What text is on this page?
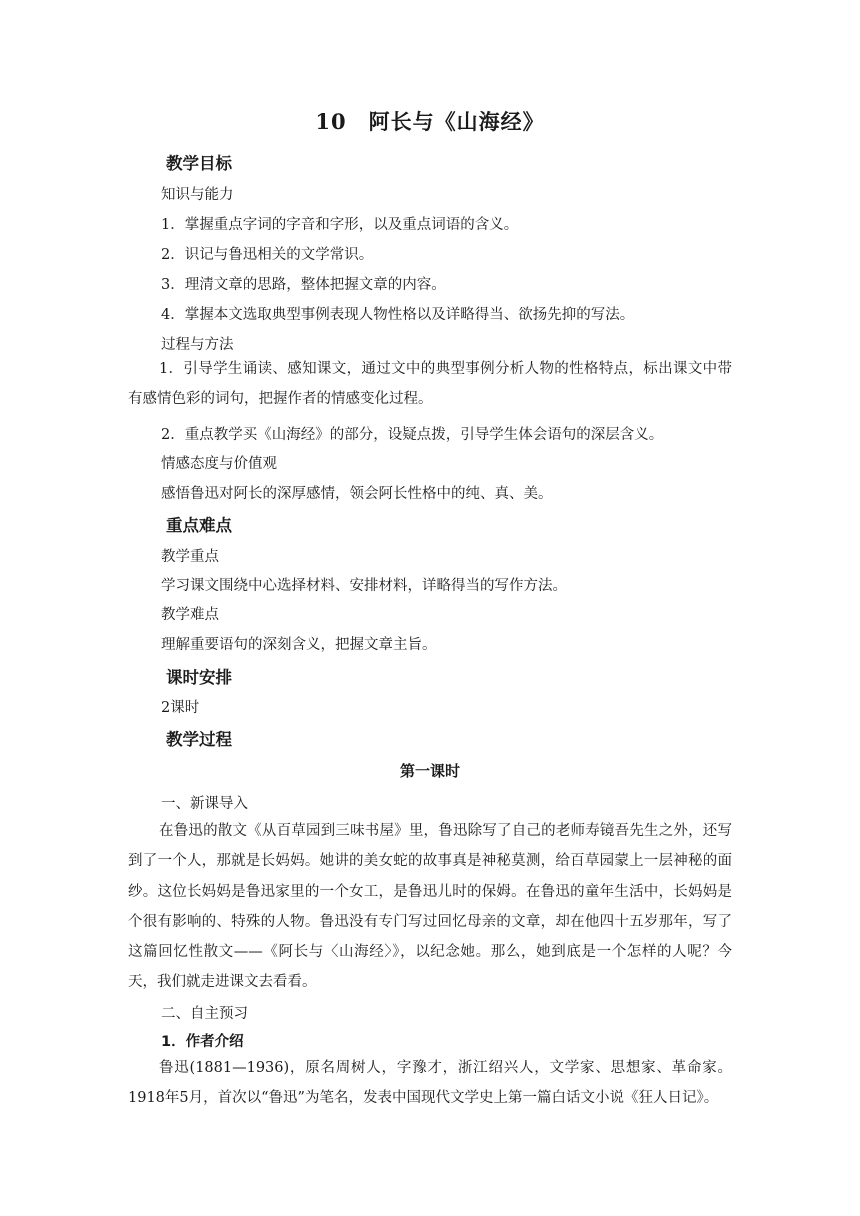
10　阿长与《山海经》
教学目标
知识与能力
1．掌握重点字词的字音和字形，以及重点词语的含义。
2．识记与鲁迅相关的文学常识。
3．理清文章的思路，整体把握文章的内容。
4．掌握本文选取典型事例表现人物性格以及详略得当、欲扬先抑的写法。
过程与方法
1．引导学生诵读、感知课文，通过文中的典型事例分析人物的性格特点，标出课文中带有感情色彩的词句，把握作者的情感变化过程。
2．重点教学买《山海经》的部分，设疑点拨，引导学生体会语句的深层含义。
情感态度与价值观
感悟鲁迅对阿长的深厚感情，领会阿长性格中的纯、真、美。
重点难点
教学重点
学习课文围绕中心选择材料、安排材料，详略得当的写作方法。
教学难点
理解重要语句的深刻含义，把握文章主旨。
课时安排
2课时
教学过程
第一课时
一、新课导入
在鲁迅的散文《从百草园到三味书屋》里，鲁迅除写了自己的老师寿镜吾先生之外，还写到了一个人，那就是长妈妈。她讲的美女蛇的故事真是神秘莫测，给百草园蒙上一层神秘的面纱。这位长妈妈是鲁迅家里的一个女工，是鲁迅儿时的保姆。在鲁迅的童年生活中，长妈妈是个很有影响的、特殊的人物。鲁迅没有专门写过回忆母亲的文章，却在他四十五岁那年，写了这篇回忆性散文——《阿长与〈山海经〉》，以纪念她。那么，她到底是一个怎样的人呢？今天，我们就走进课文去看看。
二、自主预习
1．作者介绍
鲁迅(1881—1936)，原名周树人，字豫才，浙江绍兴人，文学家、思想家、革命家。1918年5月，首次以“鲁迅”为笔名，发表中国现代文学史上第一篇白话文小说《狂人日记》。
